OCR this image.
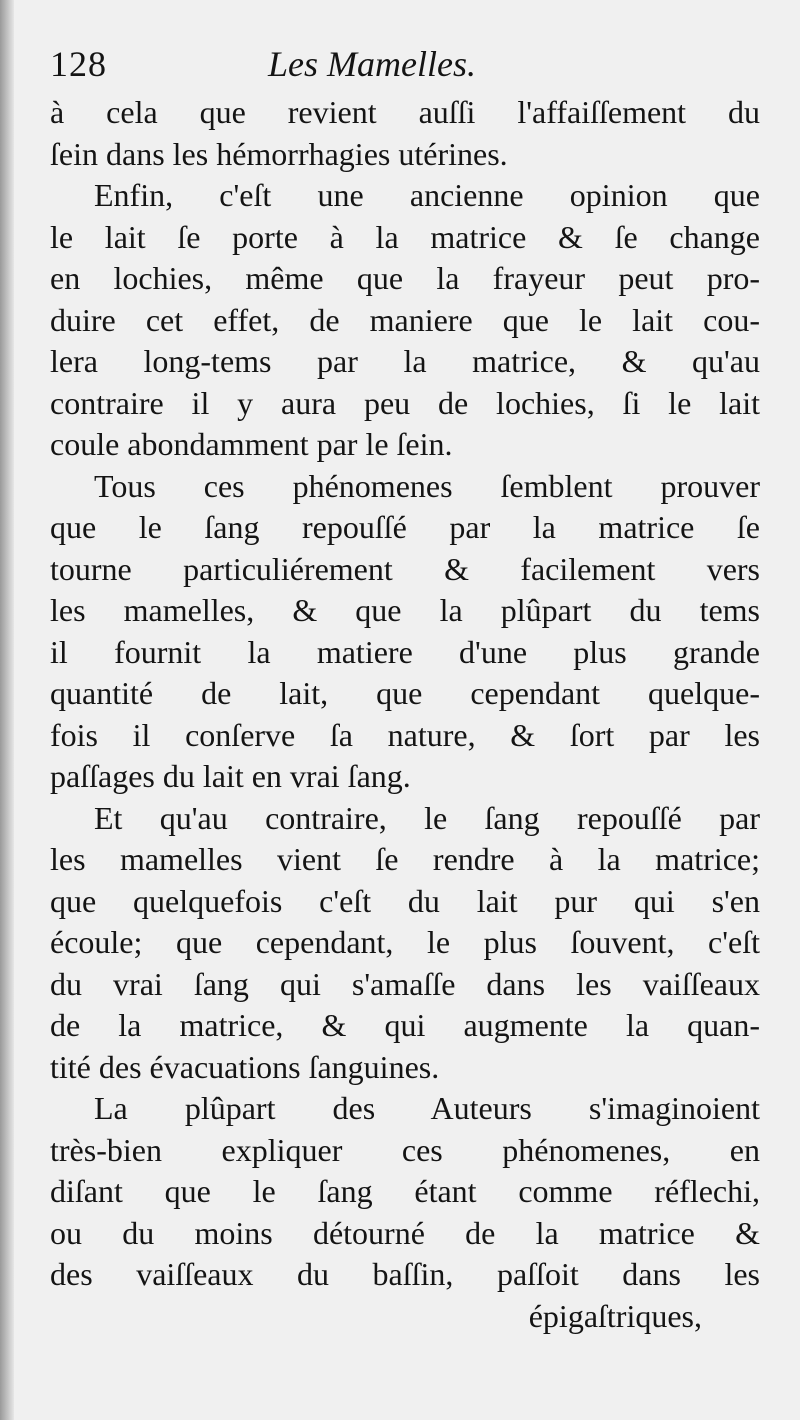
128	Les Mamelles.
à cela que revient auſſi l'affaiſſement du
ſein dans les hémorrhagies utérines.
Enfin, c'eſt une ancienne opinion que
le lait ſe porte à la matrice & ſe change
en lochies, même que la frayeur peut pro-
duire cet effet, de maniere que le lait cou-
lera long-tems par la matrice, & qu'au
contraire il y aura peu de lochies, ſi le lait
coule abondamment par le ſein.
Tous ces phénomenes ſemblent prouver
que le ſang repouſſé par la matrice ſe
tourne particuliérement & facilement vers
les mamelles, & que la plûpart du tems
il fournit la matiere d'une plus grande
quantité de lait, que cependant quelque-
fois il conſerve ſa nature, & ſort par les
paſſages du lait en vrai ſang.
Et qu'au contraire, le ſang repouſſé par
les mamelles vient ſe rendre à la matrice;
que quelquefois c'eſt du lait pur qui s'en
écoule; que cependant, le plus ſouvent, c'eſt
du vrai ſang qui s'amaſſe dans les vaiſſeaux
de la matrice, & qui augmente la quan-
tité des évacuations ſanguines.
La plûpart des Auteurs s'imaginoient
très-bien expliquer ces phénomenes, en
diſant que le ſang étant comme réflechi,
ou du moins détourné de la matrice &
des vaiſſeaux du baſſin, paſſoit dans les
épigaſtriques,
